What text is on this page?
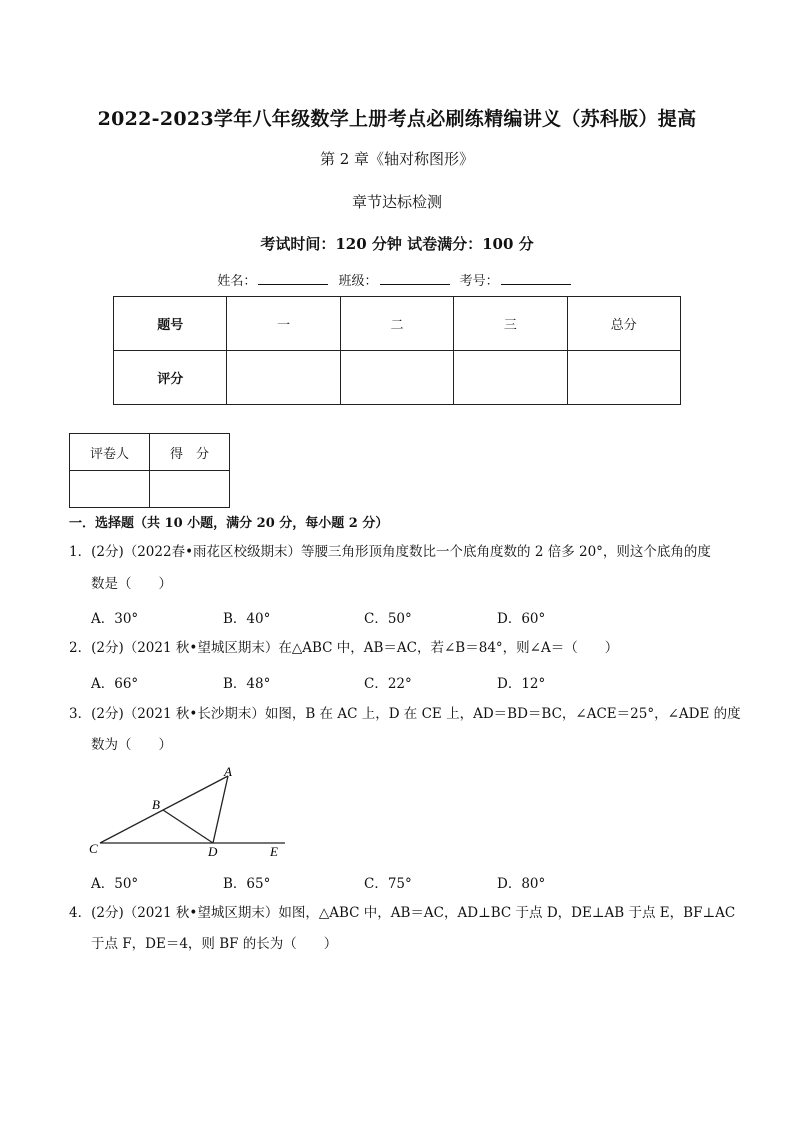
2022-2023学年八年级数学上册考点必刷练精编讲义（苏科版）提高
第 2 章《轴对称图形》
章节达标检测
考试时间：120 分钟 试卷满分：100 分
姓名：	班级：	考号：
题号	一	二	三	总分
评分				
评卷人	得　分

一．选择题（共 10 小题，满分 20 分，每小题 2 分）
1．(2分)（2022春•雨花区校级期末）等腰三角形顶角度数比一个底角度数的 2 倍多 20°，则这个底角的度
数是（　　）
A．30°	B．40°	C．50°	D．60°
2．(2分)（2021 秋•望城区期末）在△ABC 中，AB＝AC，若∠B＝84°，则∠A＝（　　）
A．66°	B．48°	C．22°	D．12°
3．(2分)（2021 秋•长沙期末）如图，B 在 AC 上，D 在 CE 上，AD＝BD＝BC，∠ACE＝25°，∠ADE 的度
数为（　　）
A
B
C	D	E
A．50°	B．65°	C．75°	D．80°
4．(2分)（2021 秋•望城区期末）如图，△ABC 中，AB＝AC，AD⊥BC 于点 D，DE⊥AB 于点 E，BF⊥AC
于点 F，DE＝4，则 BF 的长为（　　）
